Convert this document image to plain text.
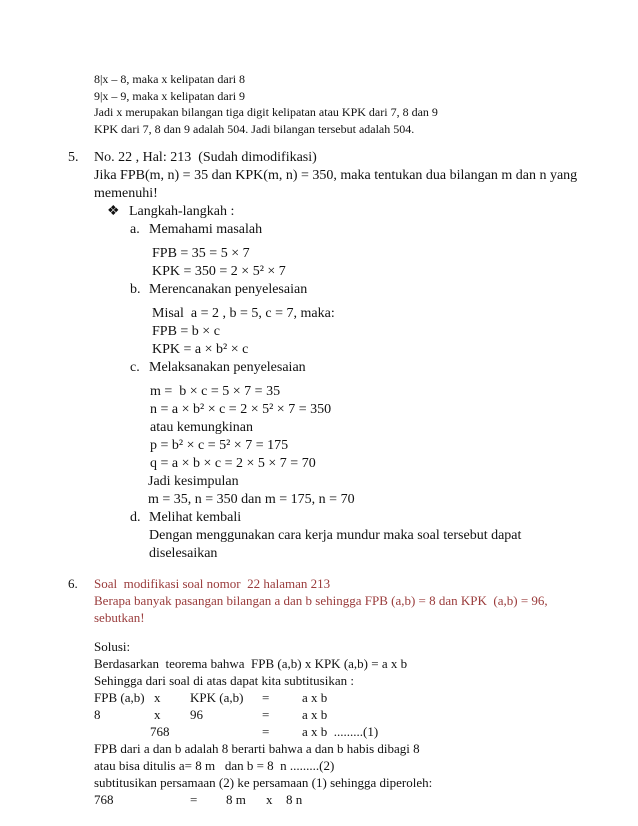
8|x – 8, maka x kelipatan dari 8
9|x – 9, maka x kelipatan dari 9
Jadi x merupakan bilangan tiga digit kelipatan atau KPK dari 7, 8 dan 9
KPK dari 7, 8 dan 9 adalah 504. Jadi bilangan tersebut adalah 504.
5. No. 22 , Hal: 213  (Sudah dimodifikasi)
Jika FPB(m, n) = 35 dan KPK(m, n) = 350, maka tentukan dua bilangan m dan n yang
memenuhi!
❖ Langkah-langkah :
a. Memahami masalah
FPB = 35 = 5 × 7
KPK = 350 = 2 × 5² × 7
b. Merencanakan penyelesaian
Misal  a = 2 , b = 5, c = 7, maka:
FPB = b × c
KPK = a × b² × c
c. Melaksanakan penyelesaian
m =  b × c = 5 × 7 = 35
n = a × b² × c = 2 × 5² × 7 = 350
atau kemungkinan
p = b² × c = 5² × 7 = 175
q = a × b × c = 2 × 5 × 7 = 70
Jadi kesimpulan
m = 35, n = 350 dan m = 175, n = 70
d. Melihat kembali
Dengan menggunakan cara kerja mundur maka soal tersebut dapat
diselesaikan
6. Soal  modifikasi soal nomor  22 halaman 213
Berapa banyak pasangan bilangan a dan b sehingga FPB (a,b) = 8 dan KPK  (a,b) = 96,
sebutkan!
Solusi:
Berdasarkan  teorema bahwa  FPB (a,b) x KPK (a,b) = a x b
Sehingga dari soal di atas dapat kita subtitusikan :
FPB (a,b) x KPK (a,b) =	a x b
8	x 96	=	a x b
768	=	a x b  .........(1)
FPB dari a dan b adalah 8 berarti bahwa a dan b habis dibagi 8
atau bisa ditulis a= 8 m   dan b = 8  n .........(2)
subtitusikan persamaan (2) ke persamaan (1) sehingga diperoleh:
768	= 8 m x 8 n
